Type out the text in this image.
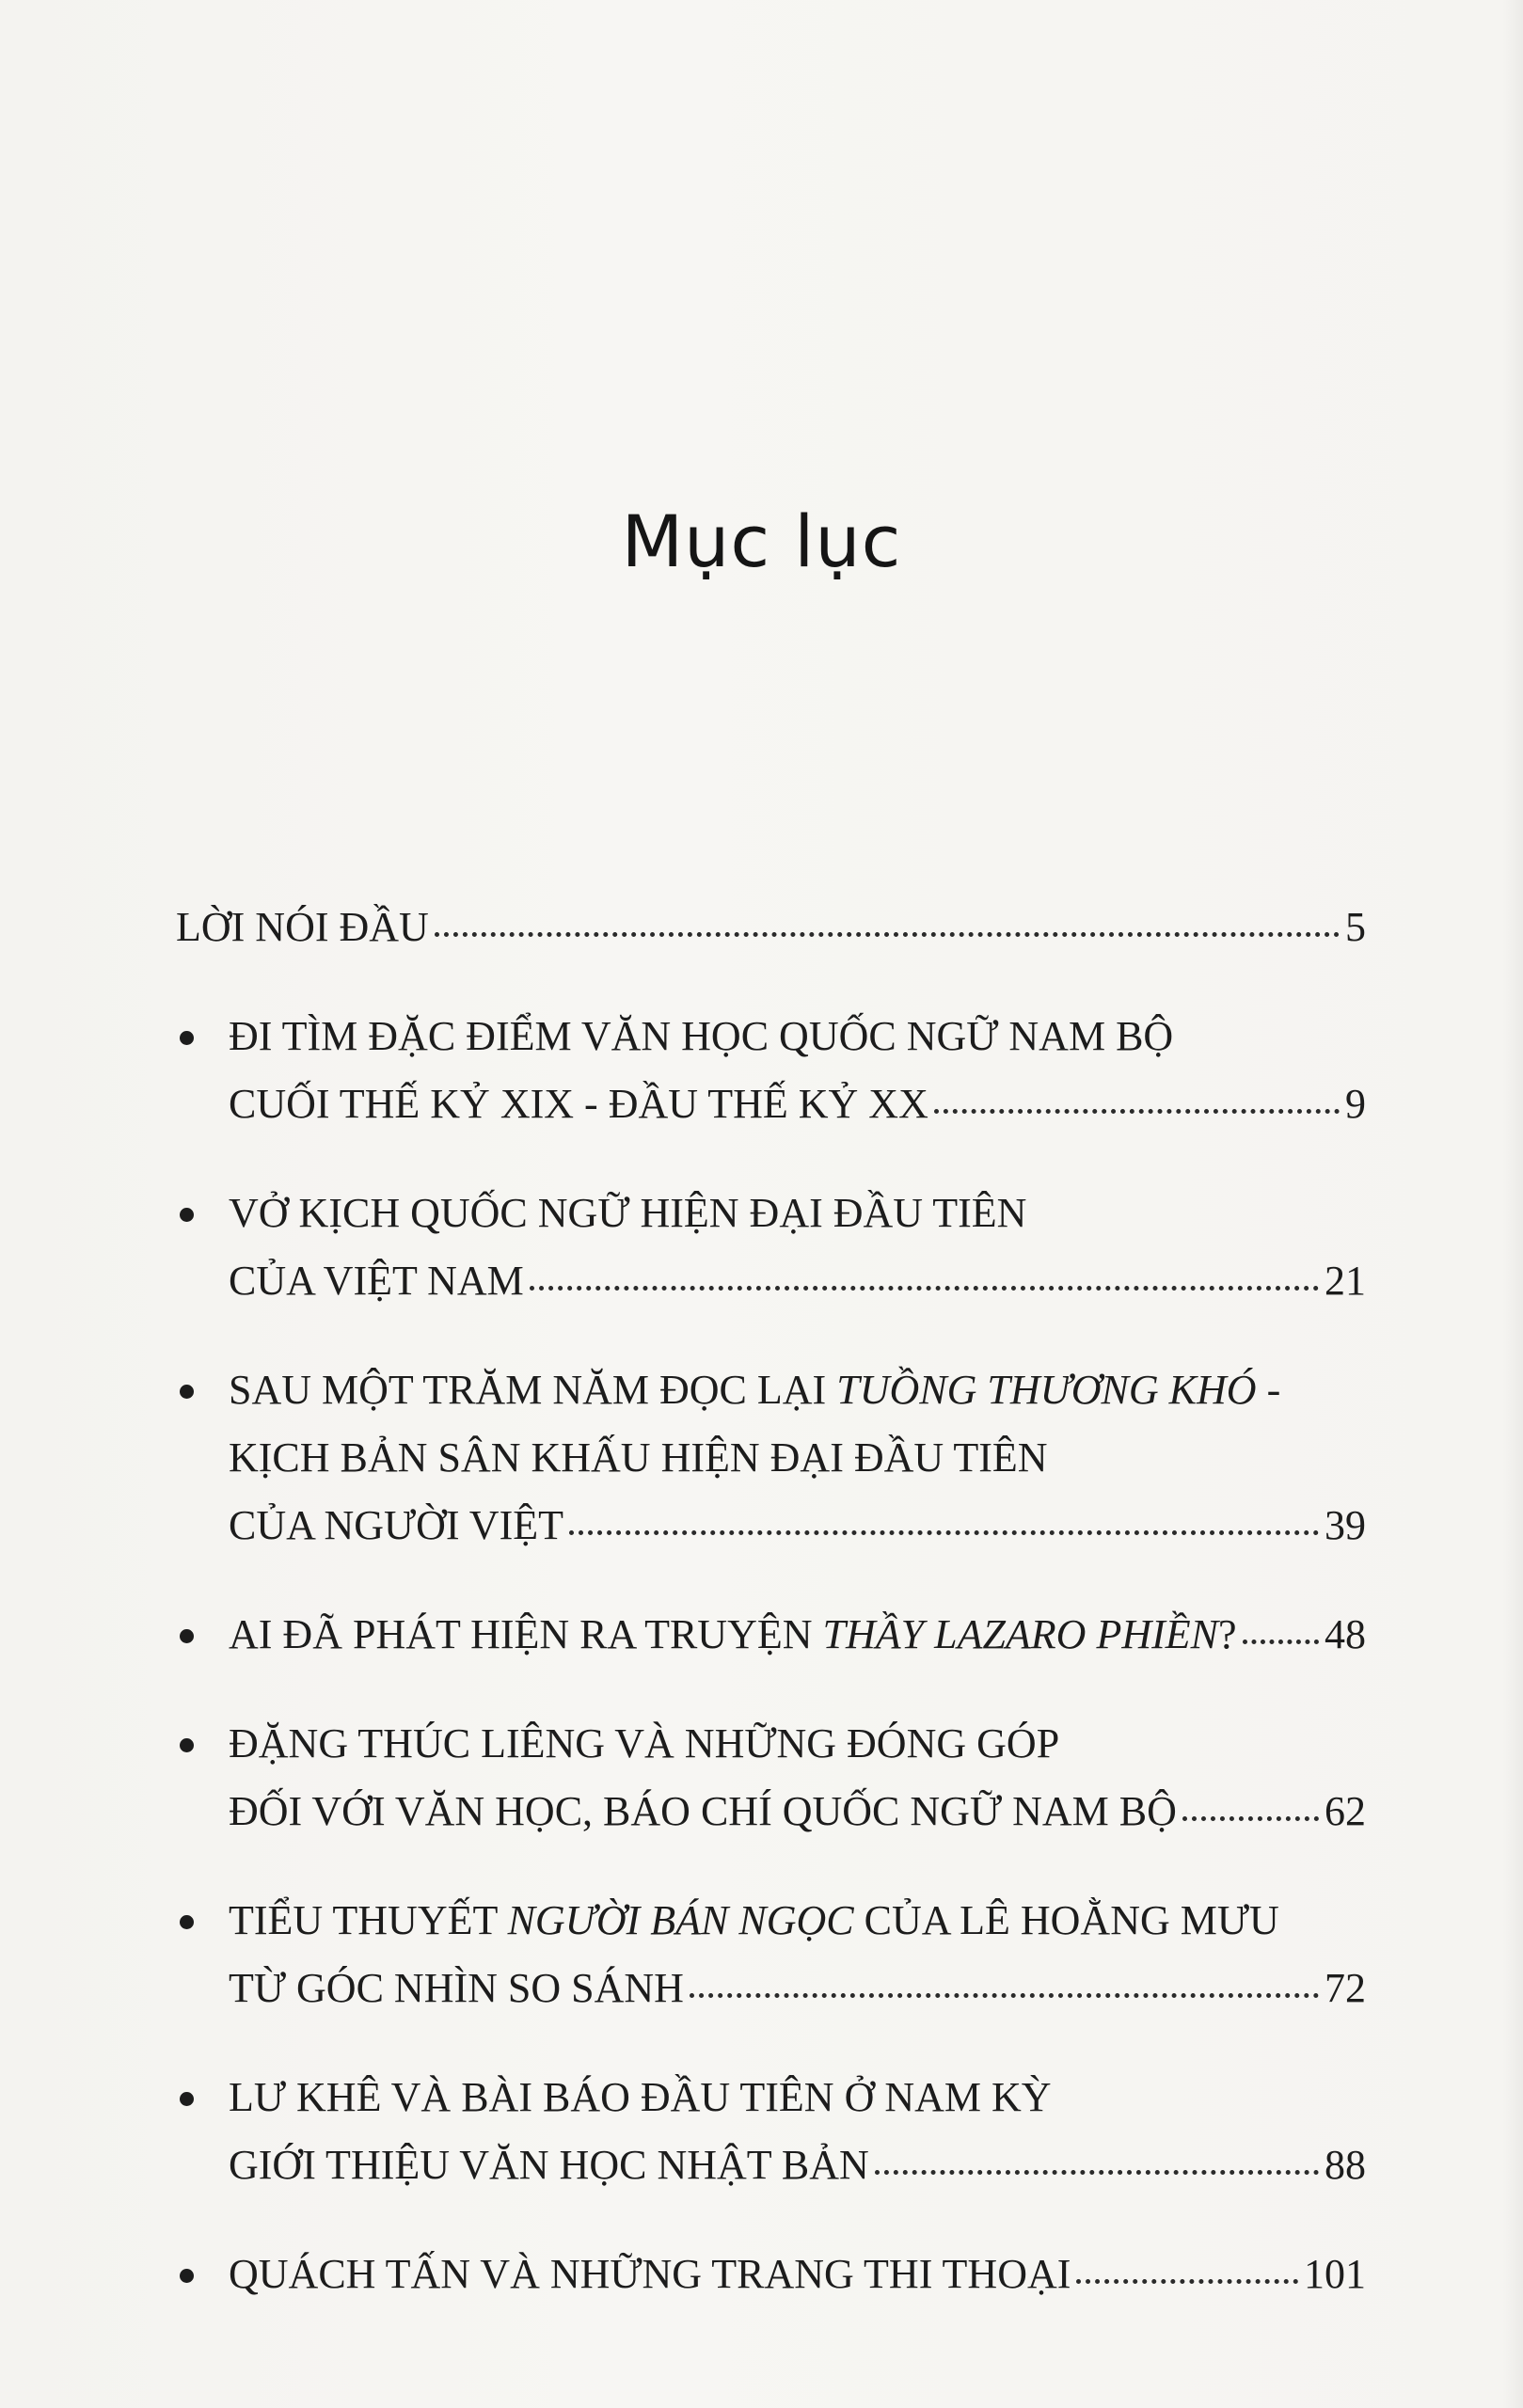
Mục lục
LỜI NÓI ĐẦU	5
ĐI TÌM ĐẶC ĐIỂM VĂN HỌC QUỐC NGỮ NAM BỘ
CUỐI THẾ KỶ XIX - ĐẦU THẾ KỶ XX	9
VỞ KỊCH QUỐC NGỮ HIỆN ĐẠI ĐẦU TIÊN
CỦA VIỆT NAM	21
SAU MỘT TRĂM NĂM ĐỌC LẠI TUỒNG THƯƠNG KHÓ -
KỊCH BẢN SÂN KHẤU HIỆN ĐẠI ĐẦU TIÊN
CỦA NGƯỜI VIỆT	39
AI ĐÃ PHÁT HIỆN RA TRUYỆN THẦY LAZARO PHIỀN? 48
ĐẶNG THÚC LIÊNG VÀ NHỮNG ĐÓNG GÓP
ĐỐI VỚI VĂN HỌC, BÁO CHÍ QUỐC NGỮ NAM BỘ	62
TIỂU THUYẾT NGƯỜI BÁN NGỌC CỦA LÊ HOẰNG MƯU
TỪ GÓC NHÌN SO SÁNH	72
LƯ KHÊ VÀ BÀI BÁO ĐẦU TIÊN Ở NAM KỲ
GIỚI THIỆU VĂN HỌC NHẬT BẢN	88
QUÁCH TẤN VÀ NHỮNG TRANG THI THOẠI	101
